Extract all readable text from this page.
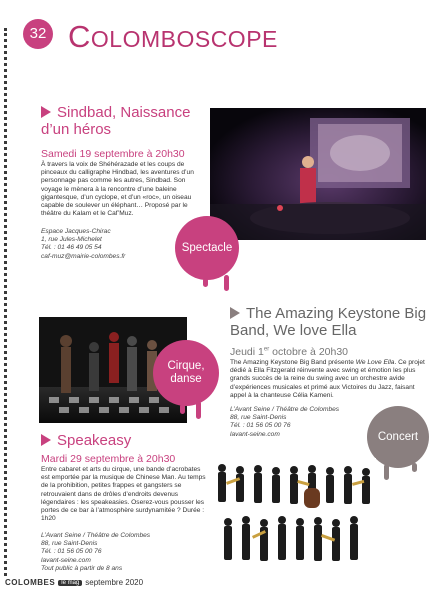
32 COLOMBOSCOPE
Sindbad, Naissance
d’un héros
Samedi 19 septembre à 20h30
À travers la voix de Shéhérazade et les coups de pinceaux du calligraphe Hindbad, les aventures d’un personnage pas comme les autres, Sindbad. Son voyage le mènera à la rencontre d’une baleine gigantesque, d’un cyclope, et d’un «roc», un oiseau capable de soulever un éléphant… Proposé par le théâtre du Kalam et le Caf’Muz.
Espace Jacques-Chirac
1, rue Jules-Michelet
Tél. : 01 46 49 05 54
caf-muz@mairie-colombes.fr
Spectacle
The Amazing Keystone Big
Band, We love Ella
Jeudi 1er octobre à 20h30
The Amazing Keystone Big Band présente We Love Ella. Ce projet dédié à Ella Fitzgerald réinvente avec swing et émotion les plus grands succès de la reine du swing avec un orchestre avide d’expériences musicales et primé aux Victoires du Jazz, faisant appel à la chanteuse Célia Kameni.
L’Avant Seine / Théâtre de Colombes
88, rue Saint-Denis
Tél. : 01 56 05 00 76
lavant-seine.com	Concert
Cirque,
danse
Speakeasy
Mardi 29 septembre à 20h30
Entre cabaret et arts du cirque, une bande d’acrobates est emportée par la musique de Chinese Man. Au temps de la prohibition, petites frappes et gangsters se retrouvaient dans de drôles d’endroits devenus légendaires : les speakeasies. Oserez-vous pousser les portes de ce bar à l’atmosphère surdynamitée ? Durée : 1h20
L’Avant Seine / Théâtre de Colombes
88, rue Saint-Denis
Tél. : 01 56 05 00 76
lavant-seine.com
Tout public à partir de 8 ans
COLOMBES	le mag septembre 2020
